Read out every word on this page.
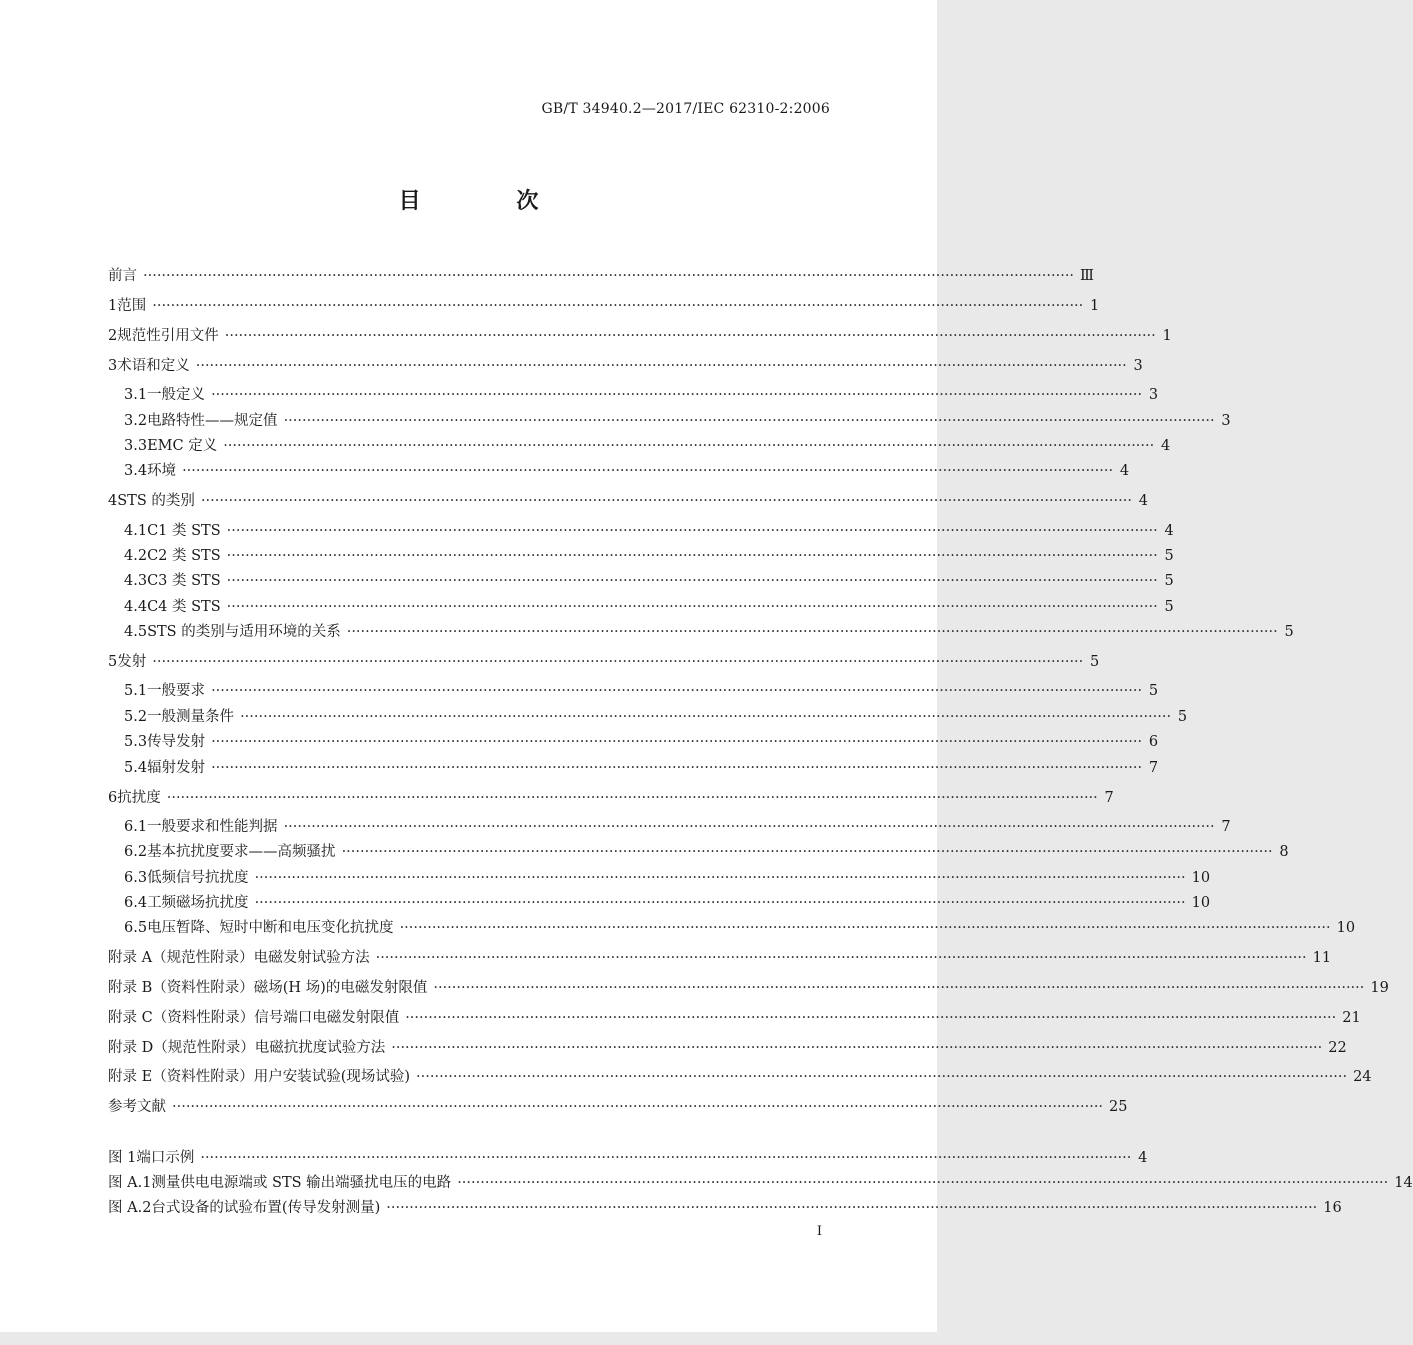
GB/T 34940.2—2017/IEC 62310-2:2006
目 次
前言 ·········································································································································································································· Ⅲ
1 范围 ·········································································································································································································· 1
2 规范性引用文件 ·········································································································································································································· 1
3 术语和定义 ·········································································································································································································· 3
3.1 一般定义 ·········································································································································································································· 3
3.2 电路特性——规定值 ·········································································································································································································· 3
3.3 EMC 定义 ·········································································································································································································· 4
3.4 环境 ·········································································································································································································· 4
4 STS 的类别 ·········································································································································································································· 4
4.1 C1 类 STS ·········································································································································································································· 4
4.2 C2 类 STS ·········································································································································································································· 5
4.3 C3 类 STS ·········································································································································································································· 5
4.4 C4 类 STS ·········································································································································································································· 5
4.5 STS 的类别与适用环境的关系 ·········································································································································································································· 5
5 发射 ·········································································································································································································· 5
5.1 一般要求 ·········································································································································································································· 5
5.2 一般测量条件 ·········································································································································································································· 5
5.3 传导发射 ·········································································································································································································· 6
5.4 辐射发射 ·········································································································································································································· 7
6 抗扰度 ·········································································································································································································· 7
6.1 一般要求和性能判据 ·········································································································································································································· 7
6.2 基本抗扰度要求——高频骚扰 ·········································································································································································································· 8
6.3 低频信号抗扰度 ·········································································································································································································· 10
6.4 工频磁场抗扰度 ·········································································································································································································· 10
6.5 电压暂降、短时中断和电压变化抗扰度 ·········································································································································································································· 10
附录 A（规范性附录） 电磁发射试验方法 ·········································································································································································································· 11
附录 B（资料性附录） 磁场(H 场)的电磁发射限值 ·········································································································································································································· 19
附录 C（资料性附录） 信号端口电磁发射限值 ·········································································································································································································· 21
附录 D（规范性附录） 电磁抗扰度试验方法 ·········································································································································································································· 22
附录 E（资料性附录） 用户安装试验(现场试验) ·········································································································································································································· 24
参考文献 ·········································································································································································································· 25
图 1 端口示例 ·········································································································································································································· 4
图 A.1 测量供电电源端或 STS 输出端骚扰电压的电路 ·········································································································································································································· 14
图 A.2 台式设备的试验布置(传导发射测量) ·········································································································································································································· 16
Ⅰ
